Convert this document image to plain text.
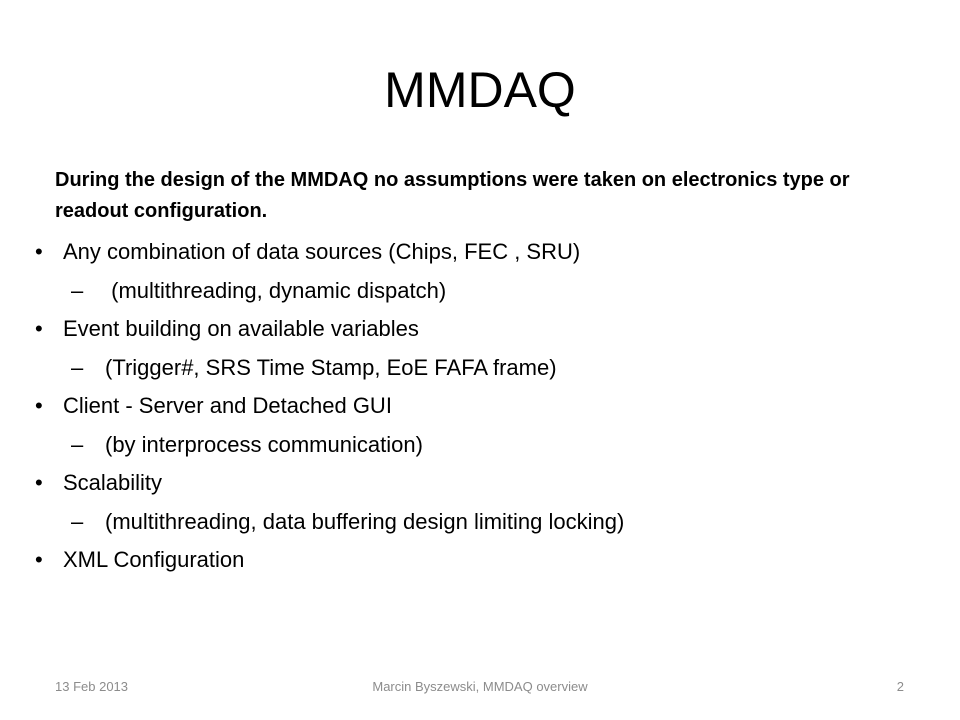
MMDAQ

During the design of the MMDAQ no assumptions were taken on electronics type or readout configuration.

• Any combination of data sources (Chips, FEC , SRU)
– (multithreading, dynamic dispatch)
• Event building on available variables
– (Trigger#, SRS Time Stamp, EoE FAFA frame)
• Client - Server and Detached GUI
– (by interprocess communication)
• Scalability
– (multithreading, data buffering design limiting locking)
• XML Configuration
13 Feb 2013	Marcin Byszewski, MMDAQ overview	2
